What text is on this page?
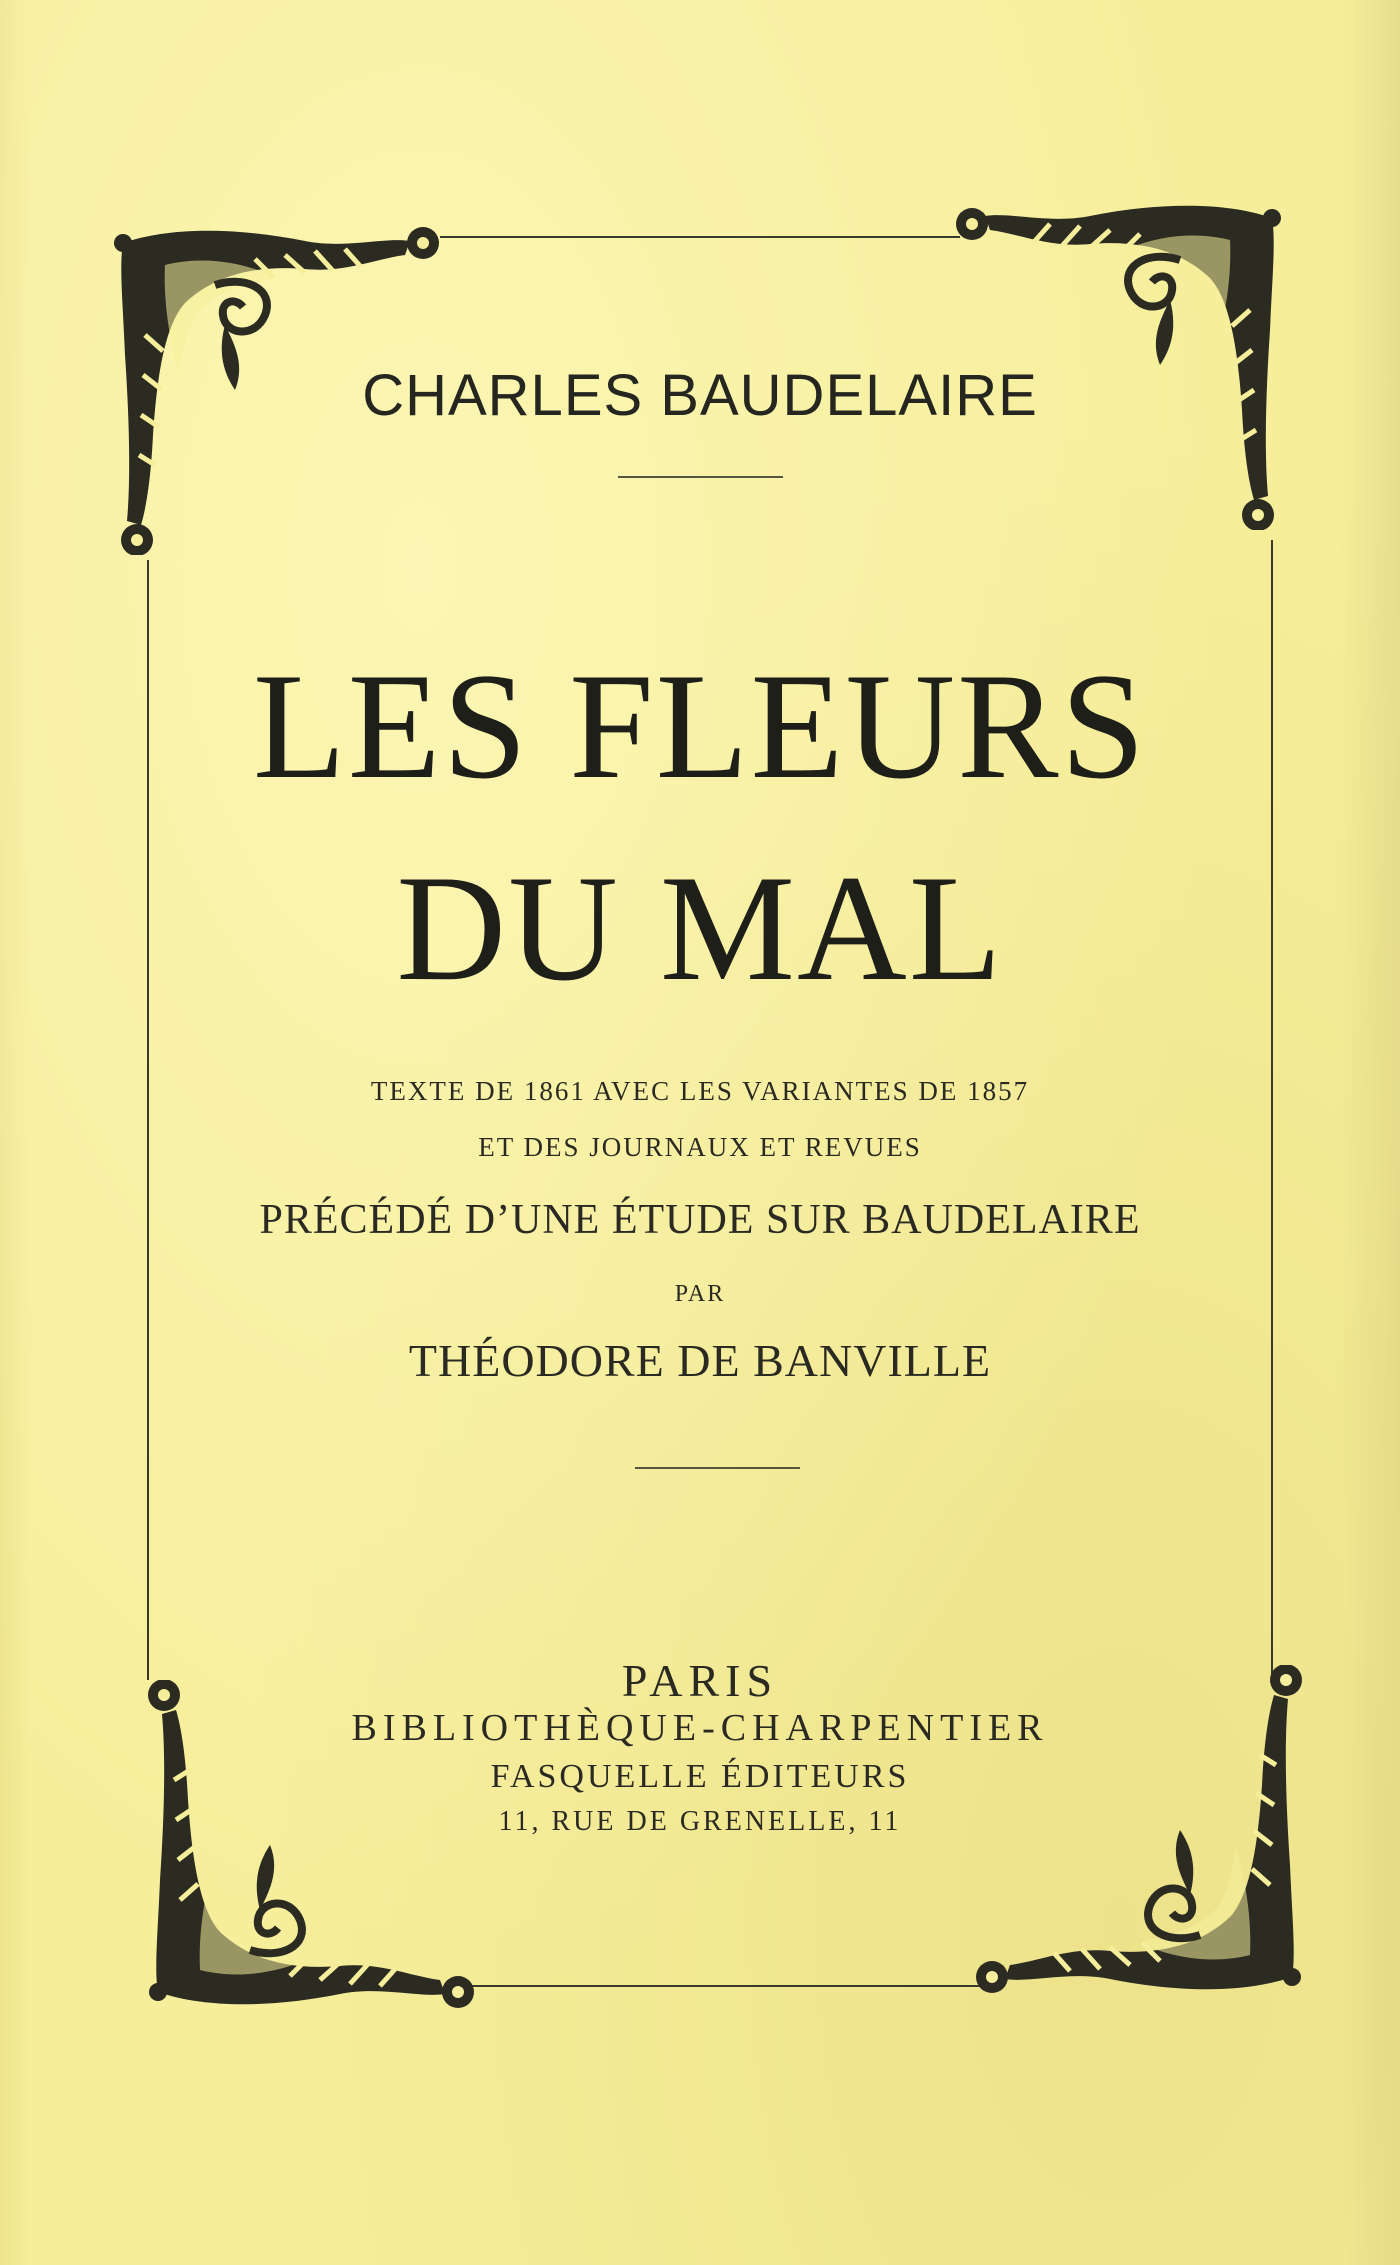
CHARLES BAUDELAIRE
LES FLEURS
DU MAL
TEXTE DE 1861 AVEC LES VARIANTES DE 1857
ET DES JOURNAUX ET REVUES
PRÉCÉDÉ D’UNE ÉTUDE SUR BAUDELAIRE
PAR
THÉODORE DE BANVILLE
PARIS
BIBLIOTHÈQUE-CHARPENTIER
FASQUELLE ÉDITEURS
11, RUE DE GRENELLE, 11
